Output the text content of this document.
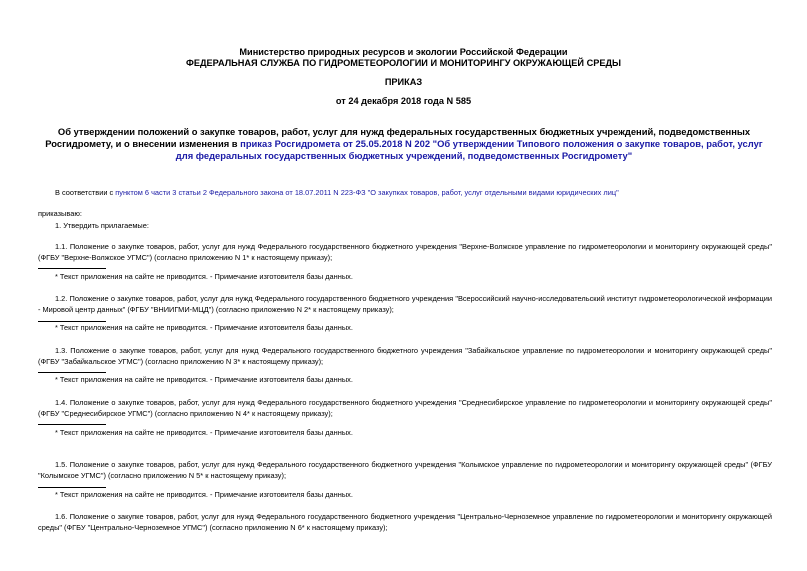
Министерство природных ресурсов и экологии Российской Федерации
ФЕДЕРАЛЬНАЯ СЛУЖБА ПО ГИДРОМЕТЕОРОЛОГИИ И МОНИТОРИНГУ ОКРУЖАЮЩЕЙ СРЕДЫ
ПРИКАЗ
от 24 декабря 2018 года N 585
Об утверждении положений о закупке товаров, работ, услуг для нужд федеральных государственных бюджетных учреждений, подведомственных Росгидромету, и о внесении изменения в приказ Росгидромета от 25.05.2018 N 202 "Об утверждении Типового положения о закупке товаров, работ, услуг для федеральных государственных бюджетных учреждений, подведомственных Росгидромету"
В соответствии с пунктом 6 части 3 статьи 2 Федерального закона от 18.07.2011 N 223-ФЗ "О закупках товаров, работ, услуг отдельными видами юридических лиц"
приказываю:
1. Утвердить прилагаемые:
1.1. Положение о закупке товаров, работ, услуг для нужд Федерального государственного бюджетного учреждения "Верхне-Волжское управление по гидрометеорологии и мониторингу окружающей среды" (ФГБУ "Верхне-Волжское УГМС") (согласно приложению N 1* к настоящему приказу);
* Текст приложения на сайте не приводится. - Примечание изготовителя базы данных.
1.2. Положение о закупке товаров, работ, услуг для нужд Федерального государственного бюджетного учреждения "Всероссийский научно-исследовательский институт гидрометеорологической информации - Мировой центр данных" (ФГБУ "ВНИИГМИ-МЦД") (согласно приложению N 2* к настоящему приказу);
* Текст приложения на сайте не приводится. - Примечание изготовителя базы данных.
1.3. Положение о закупке товаров, работ, услуг для нужд Федерального государственного бюджетного учреждения "Забайкальское управление по гидрометеорологии и мониторингу окружающей среды" (ФГБУ "Забайкальское УГМС") (согласно приложению N 3* к настоящему приказу);
* Текст приложения на сайте не приводится. - Примечание изготовителя базы данных.
1.4. Положение о закупке товаров, работ, услуг для нужд Федерального государственного бюджетного учреждения "Среднесибирское управление по гидрометеорологии и мониторингу окружающей среды" (ФГБУ "Среднесибирское УГМС") (согласно приложению N 4* к настоящему приказу);
* Текст приложения на сайте не приводится. - Примечание изготовителя базы данных.
1.5. Положение о закупке товаров, работ, услуг для нужд Федерального государственного бюджетного учреждения "Колымское управление по гидрометеорологии и мониторингу окружающей среды" (ФГБУ "Колымское УГМС") (согласно приложению N 5* к настоящему приказу);
* Текст приложения на сайте не приводится. - Примечание изготовителя базы данных.
1.6. Положение о закупке товаров, работ, услуг для нужд Федерального государственного бюджетного учреждения "Центрально-Черноземное управление по гидрометеорологии и мониторингу окружающей среды" (ФГБУ "Центрально-Черноземное УГМС") (согласно приложению N 6* к настоящему приказу);
